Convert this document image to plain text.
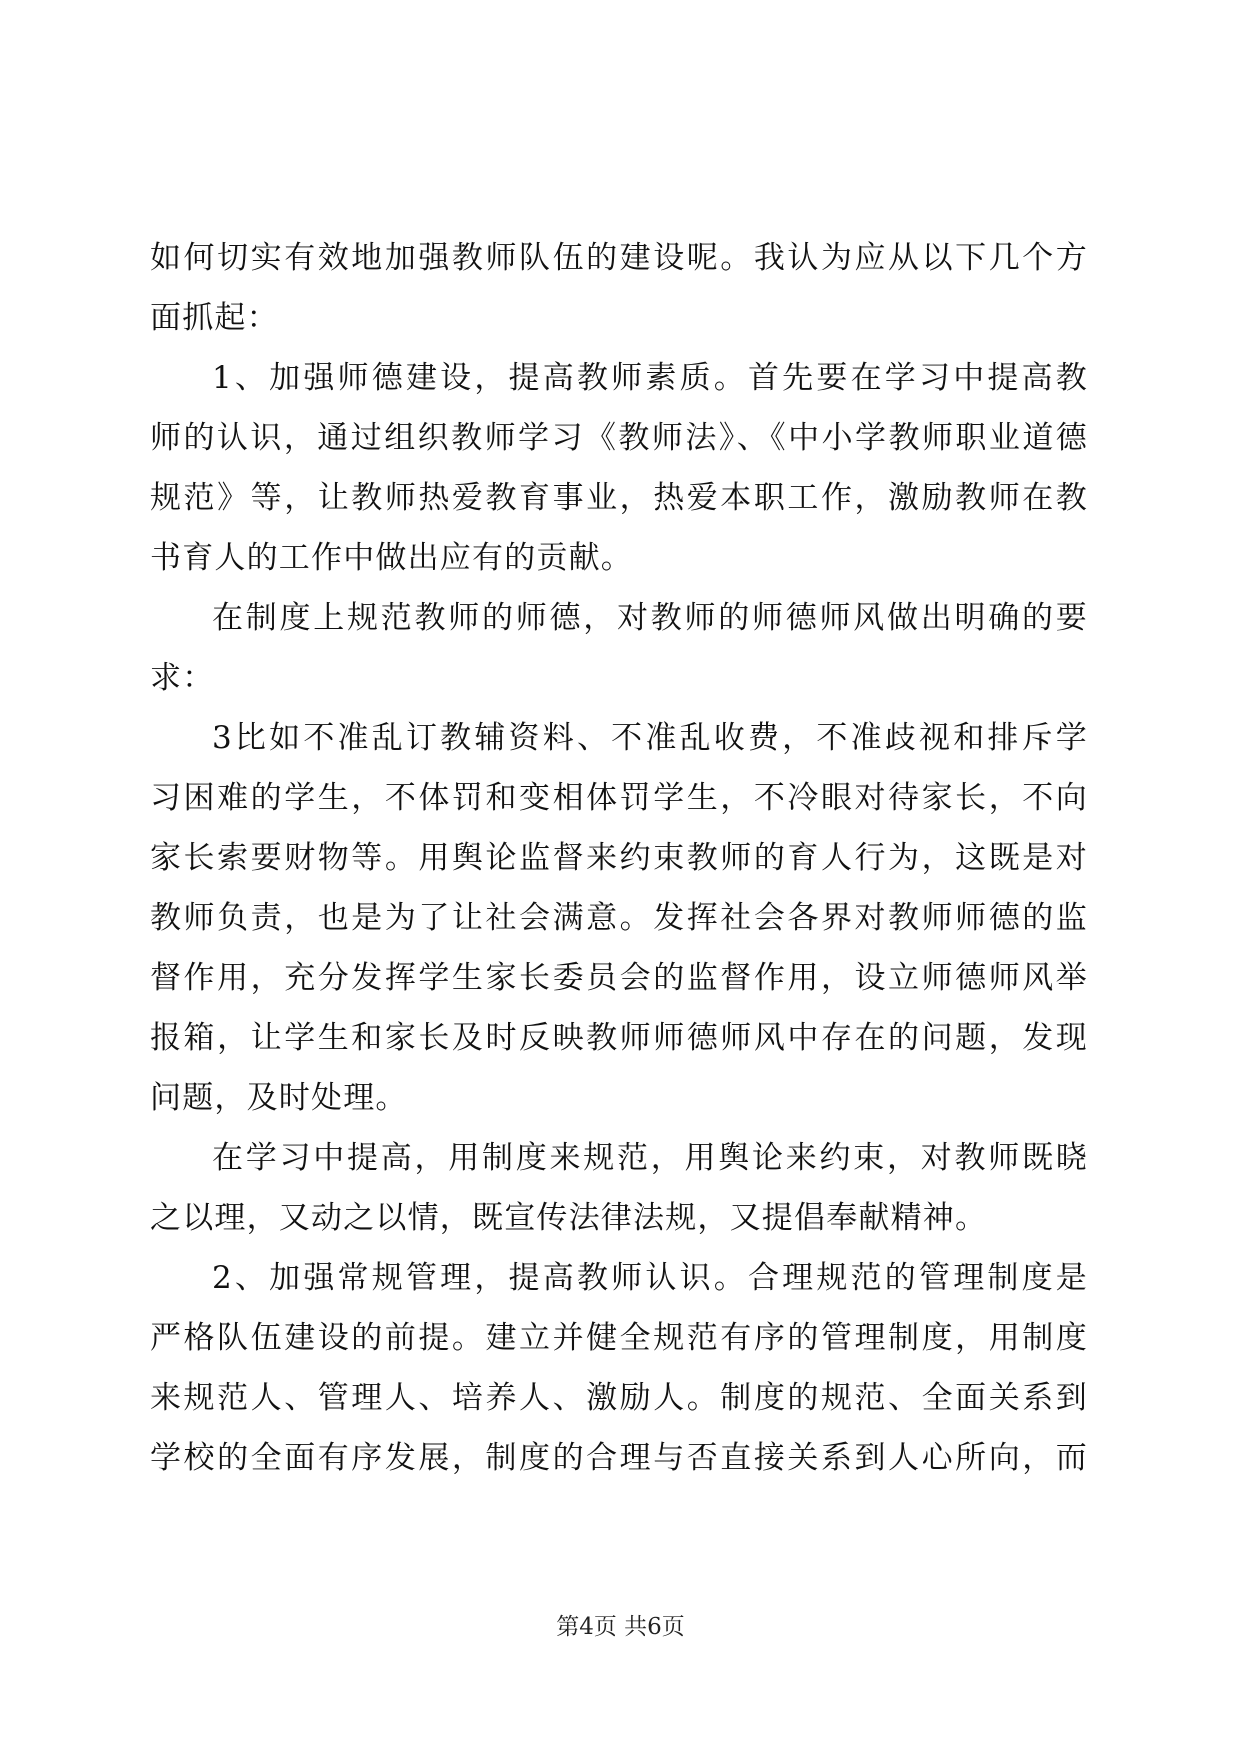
如何切实有效地加强教师队伍的建设呢。我认为应从以下几个方
面抓起：
1、加强师德建设，提高教师素质。首先要在学习中提高教
师的认识，通过组织教师学习《教师法》、《中小学教师职业道德
规范》等，让教师热爱教育事业，热爱本职工作，激励教师在教
书育人的工作中做出应有的贡献。
在制度上规范教师的师德，对教师的师德师风做出明确的要
求：
3比如不准乱订教辅资料、不准乱收费，不准歧视和排斥学
习困难的学生，不体罚和变相体罚学生，不冷眼对待家长，不向
家长索要财物等。用舆论监督来约束教师的育人行为，这既是对
教师负责，也是为了让社会满意。发挥社会各界对教师师德的监
督作用，充分发挥学生家长委员会的监督作用，设立师德师风举
报箱，让学生和家长及时反映教师师德师风中存在的问题，发现
问题，及时处理。
在学习中提高，用制度来规范，用舆论来约束，对教师既晓
之以理，又动之以情，既宣传法律法规，又提倡奉献精神。
2、加强常规管理，提高教师认识。合理规范的管理制度是
严格队伍建设的前提。建立并健全规范有序的管理制度，用制度
来规范人、管理人、培养人、激励人。制度的规范、全面关系到
学校的全面有序发展，制度的合理与否直接关系到人心所向，而
第4页 共6页
